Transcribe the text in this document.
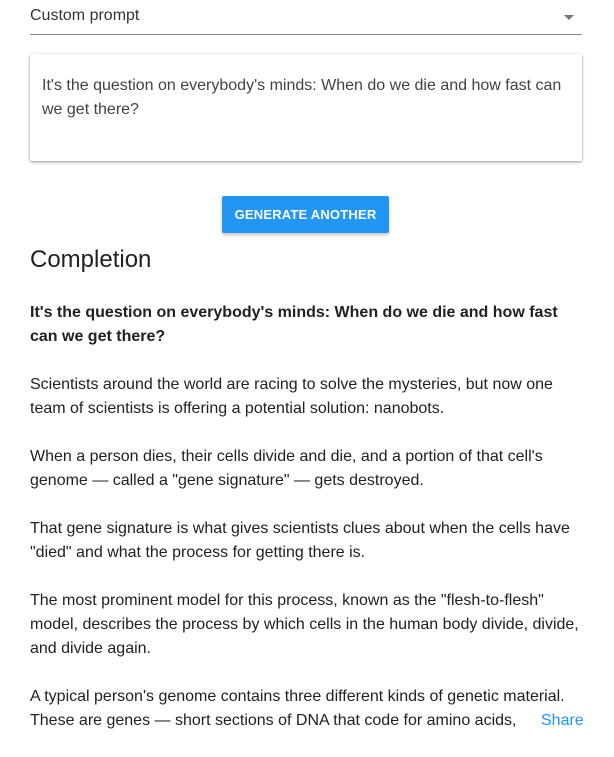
Custom prompt

It's the question on everybody's minds: When do we die and how fast can we get there?

GENERATE ANOTHER
Completion

It's the question on everybody's minds: When do we die and how fast can we get there?

Scientists around the world are racing to solve the mysteries, but now one team of scientists is offering a potential solution: nanobots.

When a person dies, their cells divide and die, and a portion of that cell's genome — called a "gene signature" — gets destroyed.

That gene signature is what gives scientists clues about when the cells have "died" and what the process for getting there is.

The most prominent model for this process, known as the "flesh-to-flesh" model, describes the process by which cells in the human body divide, divide, and divide again.

A typical person's genome contains three different kinds of genetic material. These are genes — short sections of DNA that code for amino acids,	Share
